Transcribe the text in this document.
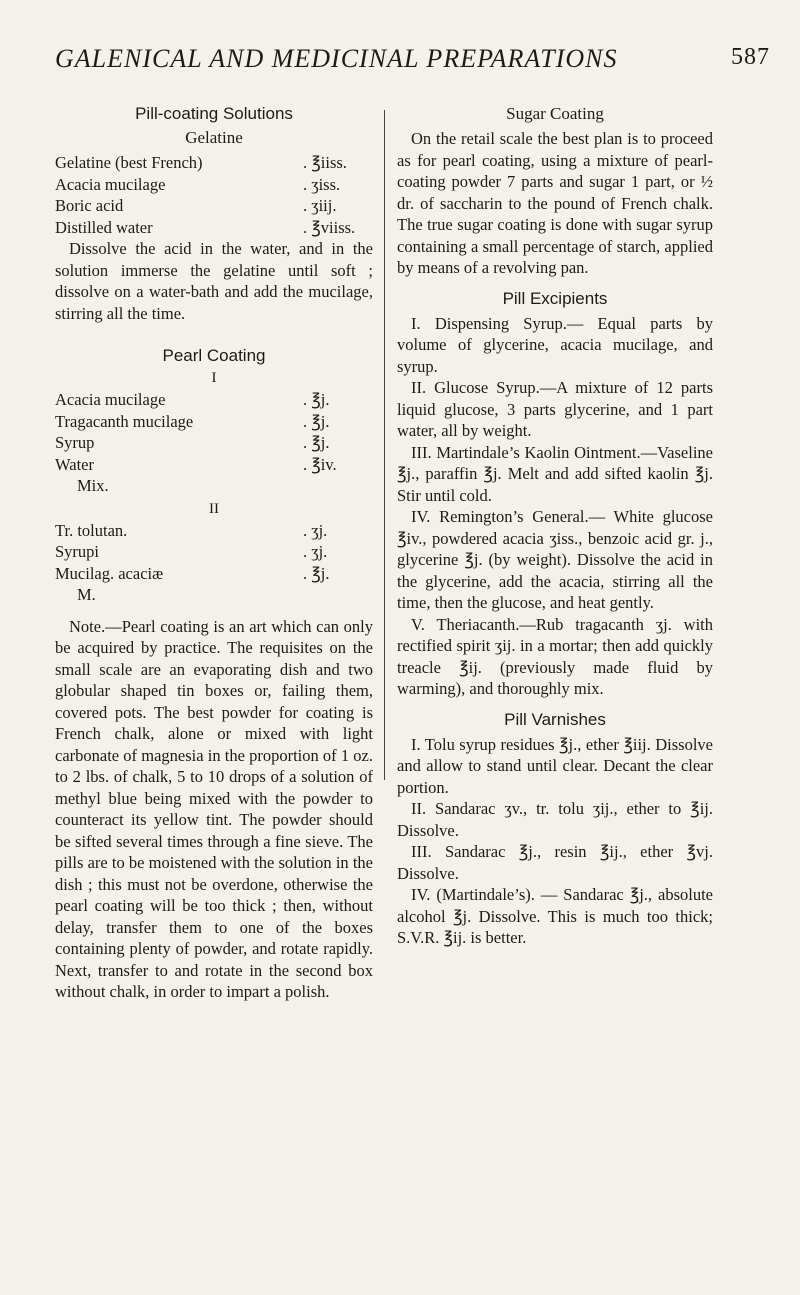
GALENICAL AND MEDICINAL PREPARATIONS	587
Pill-coating Solutions
Gelatine
Gelatine (best French)	. ℥iiss.
Acacia mucilage	. ʒiss.
Boric acid	. ʒiij.
Distilled water	. ℥viiss.

Dissolve the acid in the water, and in the solution immerse the gelatine until soft ; dissolve on a water-bath and add the mucilage, stirring all the time.

Pearl Coating
I
Acacia mucilage	. ℥j.
Tragacanth mucilage	. ℥j.
Syrup	. ℥j.
Water	. ℥iv.
Mix.
II
Tr. tolutan.	. ʒj.
Syrupi	. ʒj.
Mucilag. acaciæ	. ℥j.
M.

Note.—Pearl coating is an art which can only be acquired by practice. The requisites on the small scale are an evaporating dish and two globular shaped tin boxes or, failing them, covered pots. The best powder for coating is French chalk, alone or mixed with light carbonate of magnesia in the proportion of 1 oz. to 2 lbs. of chalk, 5 to 10 drops of a solution of methyl blue being mixed with the powder to counteract its yellow tint. The powder should be sifted several times through a fine sieve. The pills are to be moistened with the solution in the dish ; this must not be overdone, otherwise the pearl coating will be too thick ; then, without delay, transfer them to one of the boxes containing plenty of powder, and rotate rapidly. Next, transfer to and rotate in the second box without chalk, in order to impart a polish.

Sugar Coating

On the retail scale the best plan is to proceed as for pearl coating, using a mixture of pearl-coating powder 7 parts and sugar 1 part, or ½ dr. of saccharin to the pound of French chalk. The true sugar coating is done with sugar syrup containing a small percentage of starch, applied by means of a revolving pan.

Pill Excipients

I. Dispensing Syrup.— Equal parts by volume of glycerine, acacia mucilage, and syrup.

II. Glucose Syrup.—A mixture of 12 parts liquid glucose, 3 parts glycerine, and 1 part water, all by weight.

III. Martindale’s Kaolin Ointment.—Vaseline ℥j., paraffin ℥j. Melt and add sifted kaolin ℥j. Stir until cold.

IV. Remington’s General.— White glucose ℥iv., powdered acacia ʒiss., benzoic acid gr. j., glycerine ℥j. (by weight). Dissolve the acid in the glycerine, add the acacia, stirring all the time, then the glucose, and heat gently.

V. Theriacanth.—Rub tragacanth ʒj. with rectified spirit ʒij. in a mortar; then add quickly treacle ℥ij. (previously made fluid by warming), and thoroughly mix.

Pill Varnishes

I. Tolu syrup residues ℥j., ether ℥iij. Dissolve and allow to stand until clear. Decant the clear portion.

II. Sandarac ʒv., tr. tolu ʒij., ether to ℥ij. Dissolve.

III. Sandarac ℥j., resin ℥ij., ether ℥vj. Dissolve.

IV. (Martindale’s). — Sandarac ℥j., absolute alcohol ℥j. Dissolve. This is much too thick; S.V.R. ℥ij. is better.
